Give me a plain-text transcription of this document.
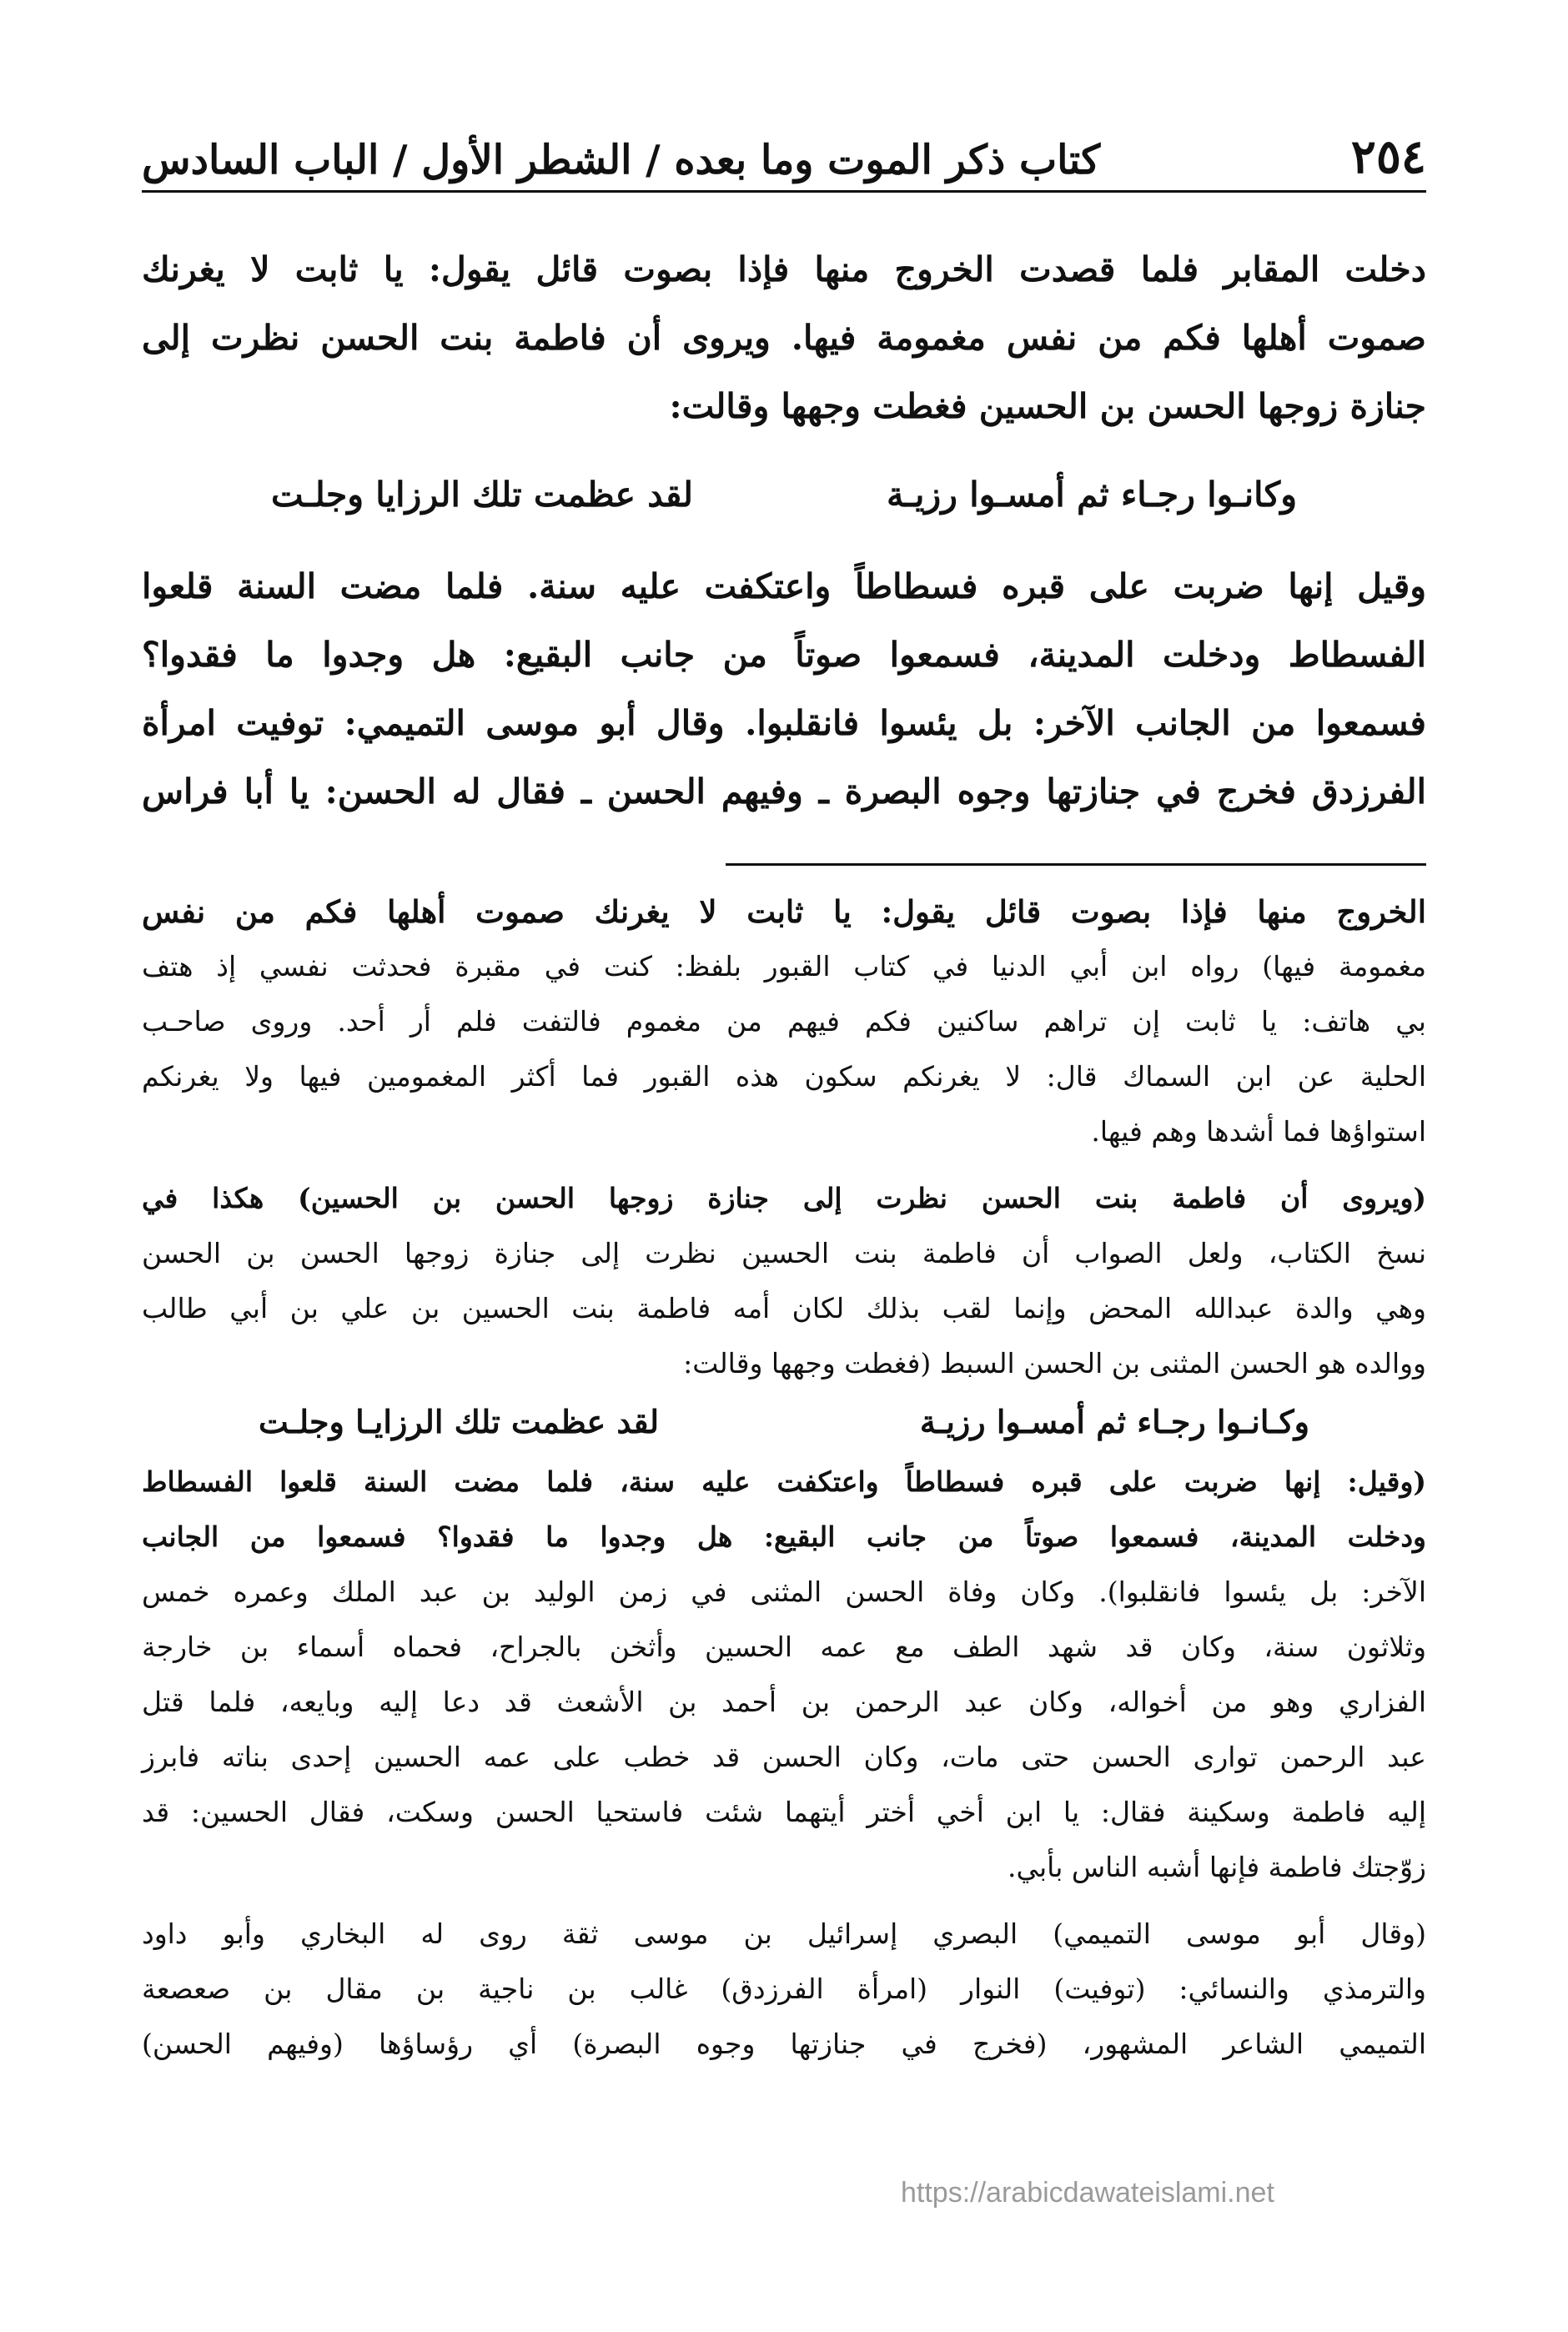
٢٥٤
كتاب ذكر الموت وما بعده / الشطر الأول / الباب السادس

دخلت المقابر فلما قصدت الخروج منها فإذا بصوت قائل يقول: يا ثابت لا يغرنك
صموت أهلها فكم من نفس مغمومة فيها. ويروى أن فاطمة بنت الحسن نظرت إلى
جنازة زوجها الحسن بن الحسين فغطت وجهها وقالت:

وكانـوا رجـاء ثم أمسـوا رزيـة
لقد عظمت تلك الرزايا وجلـت

وقيل إنها ضربت على قبره فسطاطاً واعتكفت عليه سنة. فلما مضت السنة قلعوا
الفسطاط ودخلت المدينة، فسمعوا صوتاً من جانب البقيع: هل وجدوا ما فقدوا؟
فسمعوا من الجانب الآخر: بل يئسوا فانقلبوا. وقال أبو موسى التميمي: توفيت امرأة
الفرزدق فخرج في جنازتها وجوه البصرة ـ وفيهم الحسن ـ فقال له الحسن: يا أبا فراس

الخروج منها فإذا بصوت قائل يقول: يا ثابت لا يغرنك صموت أهلها فكم من نفس
مغمومة فيها) رواه ابن أبي الدنيا في كتاب القبور بلفظ: كنت في مقبرة فحدثت نفسي إذ هتف
بي هاتف: يا ثابت إن تراهم ساكنين فكم فيهم من مغموم فالتفت فلم أر أحد. وروى صاحـب
الحلية عن ابن السماك قال: لا يغرنكم سكون هذه القبور فما أكثر المغمومين فيها ولا يغرنكم
استواؤها فما أشدها وهم فيها.
(ويروى أن فاطمة بنت الحسن نظرت إلى جنازة زوجها الحسن بن الحسين) هكذا في
نسخ الكتاب، ولعل الصواب أن فاطمة بنت الحسين نظرت إلى جنازة زوجها الحسن بن الحسن
وهي والدة عبدالله المحض وإنما لقب بذلك لكان أمه فاطمة بنت الحسين بن علي بن أبي طالب
ووالده هو الحسن المثنى بن الحسن السبط (فغطت وجهها وقالت:
وكـانـوا رجـاء ثم أمسـوا رزيـة
لقد عظمت تلك الرزايـا وجلـت
(وقيل: إنها ضربت على قبره فسطاطاً واعتكفت عليه سنة، فلما مضت السنة قلعوا الفسطاط
ودخلت المدينة، فسمعوا صوتاً من جانب البقيع: هل وجدوا ما فقدوا؟ فسمعوا من الجانب
الآخر: بل يئسوا فانقلبوا). وكان وفاة الحسن المثنى في زمن الوليد بن عبد الملك وعمره خمس
وثلاثون سنة، وكان قد شهد الطف مع عمه الحسين وأثخن بالجراح، فحماه أسماء بن خارجة
الفزاري وهو من أخواله، وكان عبد الرحمن بن أحمد بن الأشعث قد دعا إليه وبايعه، فلما قتل
عبد الرحمن توارى الحسن حتى مات، وكان الحسن قد خطب على عمه الحسين إحدى بناته فابرز
إليه فاطمة وسكينة فقال: يا ابن أخي أختر أيتهما شئت فاستحيا الحسن وسكت، فقال الحسين: قد
زوّجتك فاطمة فإنها أشبه الناس بأبي.
(وقال أبو موسى التميمي) البصري إسرائيل بن موسى ثقة روى له البخاري وأبو داود
والترمذي والنسائي: (توفيت) النوار (امرأة الفرزدق) غالب بن ناجية بن مقال بن صعصعة
التميمي الشاعر المشهور، (فخرج في جنازتها وجوه البصرة) أي رؤساؤها (وفيهم الحسن)
https://arabicdawateislami.net
